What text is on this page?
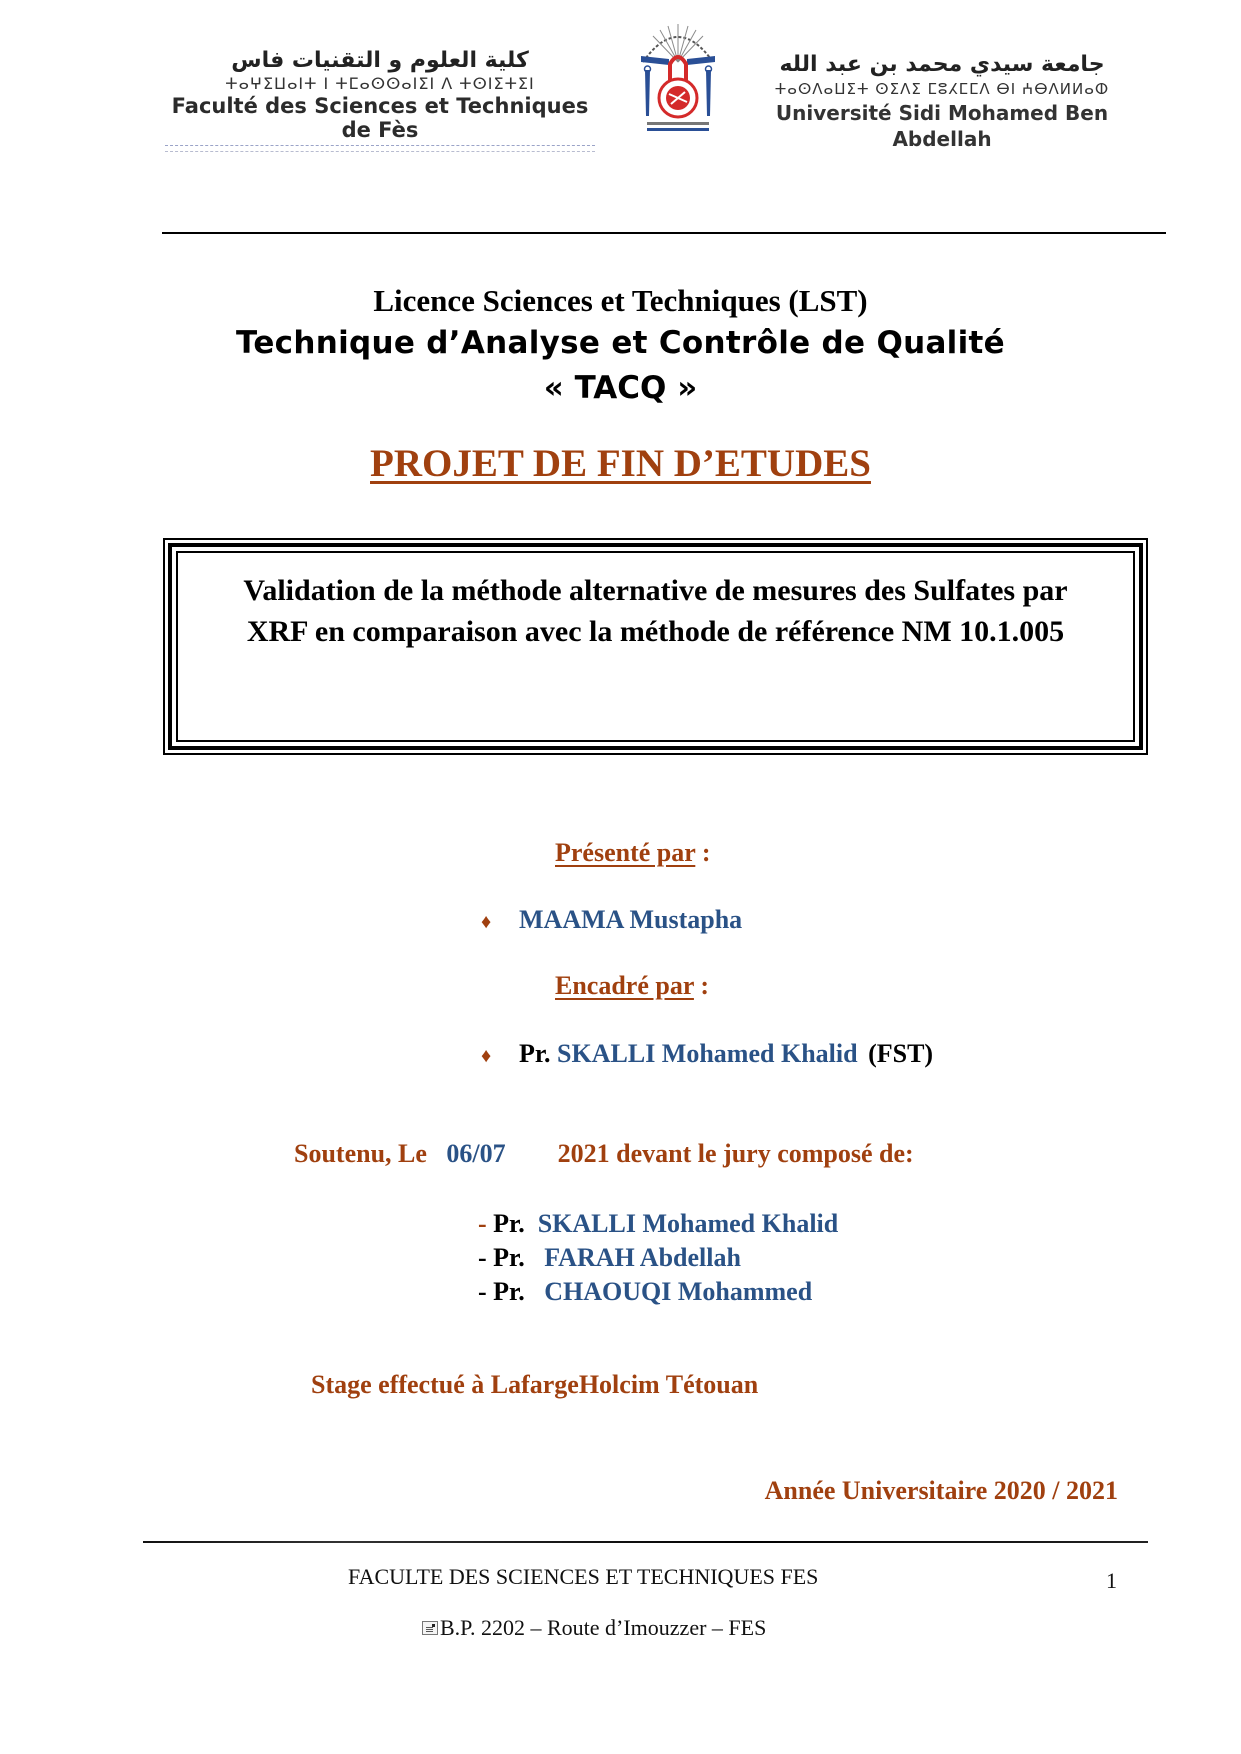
كلية العلوم و التقنيات فاس
ⵜⴰⵖⵉⵡⴰⵏⵜ ⵏ ⵜⵎⴰⵙⵙⴰⵏⵉⵏ ⴷ ⵜⵙⵏⵉⵜⵉⵏ
Faculté des Sciences et Techniques de Fès
جامعة سيدي محمد بن عبد الله
ⵜⴰⵙⴷⴰⵡⵉⵜ ⵙⵉⴷⵉ ⵎⵓⵃⵎⵎⴷ ⴱⵏ ⵄⴱⴷⵍⵍⴰⵀ
Université Sidi Mohamed Ben Abdellah
Licence Sciences et Techniques (LST)
Technique d’Analyse et Contrôle de Qualité
« TACQ »
PROJET DE FIN D’ETUDES
Validation de la méthode alternative de mesures des Sulfates par
XRF en comparaison avec la méthode de référence NM 10.1.005
Présenté par :
♦ MAAMA Mustapha
Encadré par :
♦ Pr. SKALLI Mohamed Khalid (FST)
Soutenu, Le   06/07        2021 devant le jury composé de:
- Pr.  SKALLI Mohamed Khalid
- Pr.   FARAH Abdellah
- Pr.   CHAOUQI Mohammed
Stage effectué à LafargeHolcim Tétouan
Année Universitaire 2020 / 2021
FACULTE DES SCIENCES ET TECHNIQUES FES	1
B.P. 2202 – Route d’Imouzzer – FES
